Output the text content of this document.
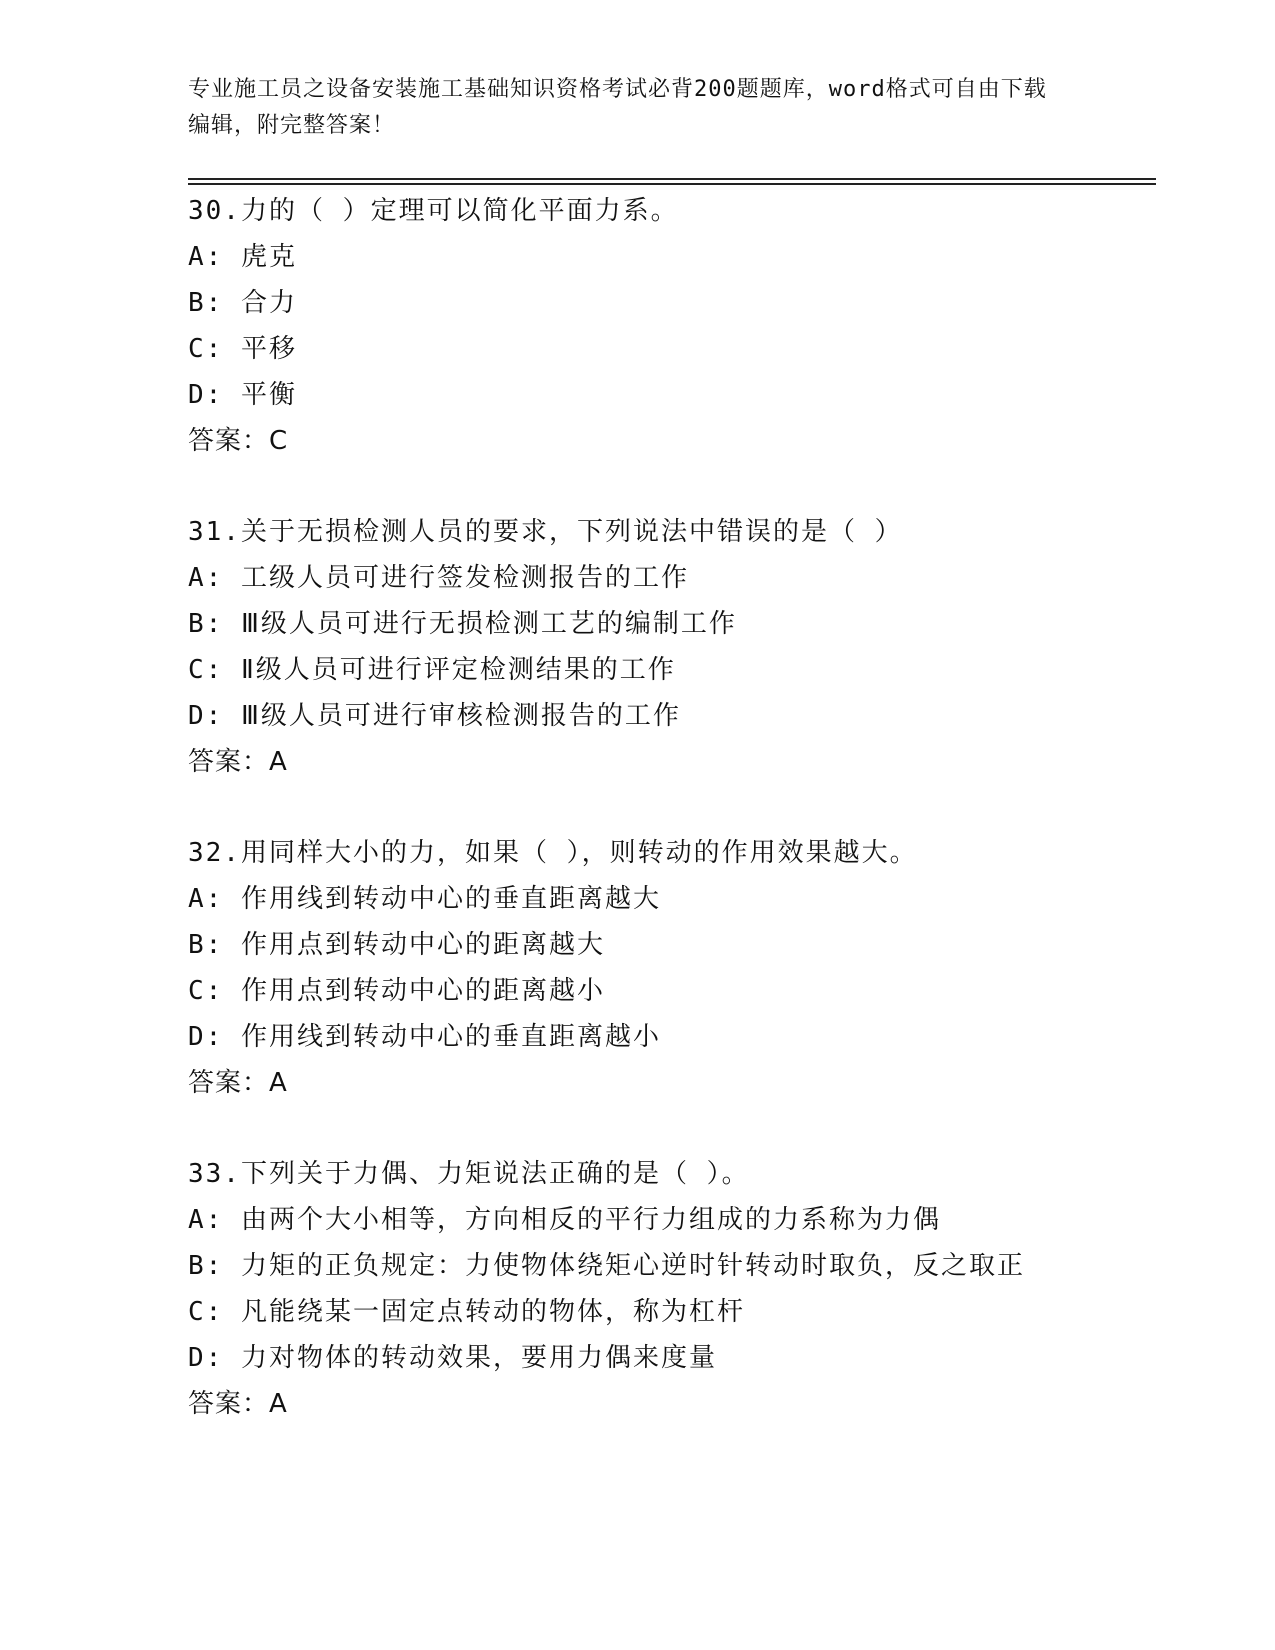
专业施工员之设备安装施工基础知识资格考试必背200题题库，word格式可自由下载编辑，附完整答案！
30.力的（ ）定理可以简化平面力系。
A: 虎克
B: 合力
C: 平移
D: 平衡
答案：C
31.关于无损检测人员的要求，下列说法中错误的是（ ）
A: 工级人员可进行签发检测报告的工作
B: Ⅲ级人员可进行无损检测工艺的编制工作
C: Ⅱ级人员可进行评定检测结果的工作
D: Ⅲ级人员可进行审核检测报告的工作
答案：A
32.用同样大小的力，如果（ ），则转动的作用效果越大。
A: 作用线到转动中心的垂直距离越大
B: 作用点到转动中心的距离越大
C: 作用点到转动中心的距离越小
D: 作用线到转动中心的垂直距离越小
答案：A
33.下列关于力偶、力矩说法正确的是（ ）。
A: 由两个大小相等，方向相反的平行力组成的力系称为力偶
B: 力矩的正负规定：力使物体绕矩心逆时针转动时取负，反之取正
C: 凡能绕某一固定点转动的物体，称为杠杆
D: 力对物体的转动效果，要用力偶来度量
答案：A
